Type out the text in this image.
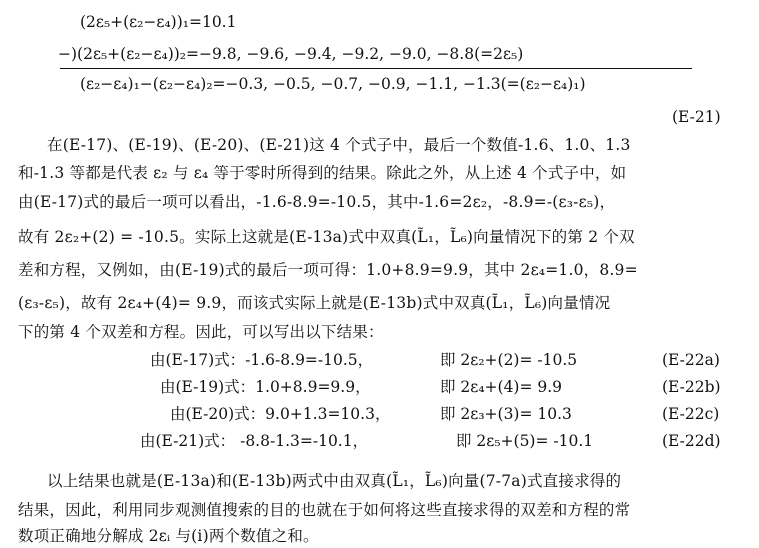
(2ε₅+(ε₂−ε₄))₁=10.1
−)(2ε₅+(ε₂−ε₄))₂=−9.8, −9.6, −9.4, −9.2, −9.0, −8.8(=2ε₅)
(ε₂−ε₄)₁−(ε₂−ε₄)₂=−0.3, −0.5, −0.7, −0.9, −1.1, −1.3(=(ε₂−ε₄)₁)
(E-21)
在(E-17)、(E-19)、(E-20)、(E-21)这 4 个式子中，最后一个数值-1.6、1.0、1.3
和-1.3 等都是代表 ε₂ 与 ε₄ 等于零时所得到的结果。除此之外，从上述 4 个式子中，如
由(E-17)式的最后一项可以看出，-1.6-8.9=-10.5，其中-1.6=2ε₂，-8.9=-(ε₃-ε₅)，
故有 2ε₂+(2) = -10.5。实际上这就是(E-13a)式中双真(L̃₁，L̃₆)向量情况下的第 2 个双
差和方程，又例如，由(E-19)式的最后一项可得：1.0+8.9=9.9，其中 2ε₄=1.0，8.9=
(ε₃-ε₅)，故有 2ε₄+(4)= 9.9，而该式实际上就是(E-13b)式中双真(L̃₁，L̃₆)向量情况
下的第 4 个双差和方程。因此，可以写出以下结果：
由(E-17)式：-1.6-8.9=-10.5，	即 2ε₂+(2)= -10.5	(E-22a)
由(E-19)式：1.0+8.9=9.9，	即 2ε₄+(4)= 9.9	(E-22b)
由(E-20)式：9.0+1.3=10.3，	即 2ε₃+(3)= 10.3	(E-22c)
由(E-21)式： -8.8-1.3=-10.1，	即 2ε₅+(5)= -10.1	(E-22d)
以上结果也就是(E-13a)和(E-13b)两式中由双真(L̃₁，L̃₆)向量(7-7a)式直接求得的
结果，因此，利用同步观测值搜索的目的也就在于如何将这些直接求得的双差和方程的常
数项正确地分解成 2εᵢ 与(i)两个数值之和。
